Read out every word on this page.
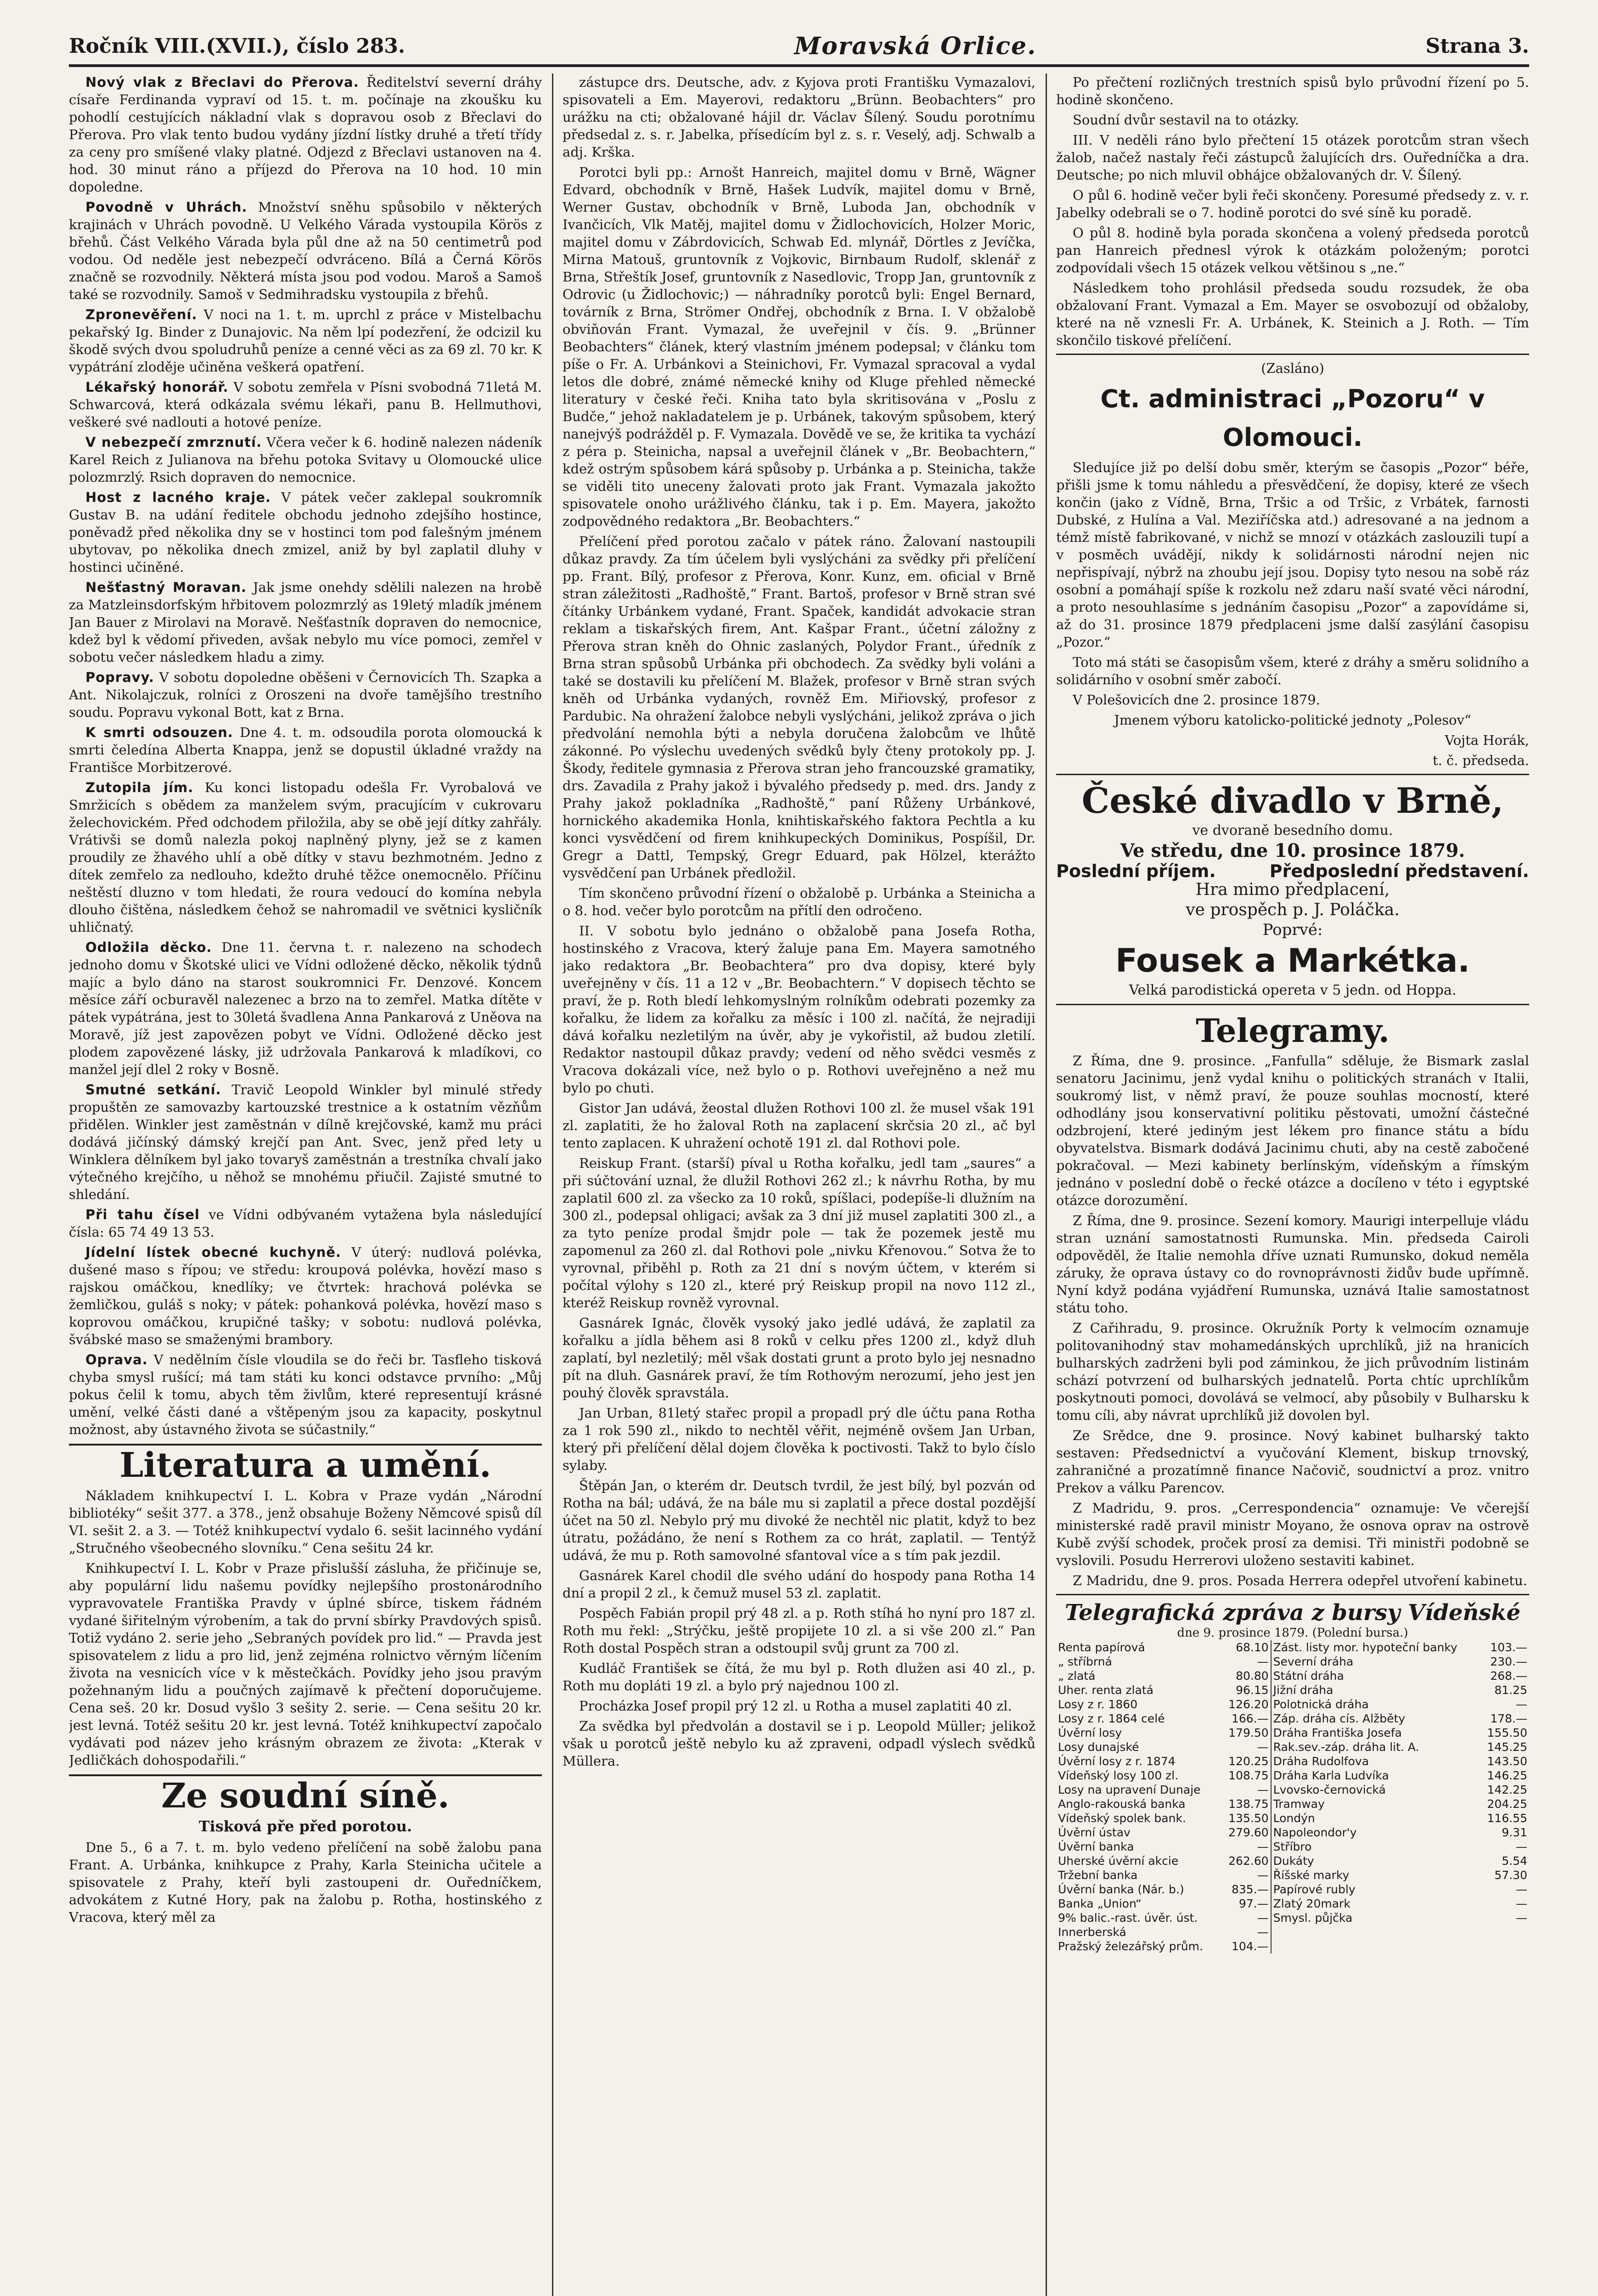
Ročník VIII.(XVII.), číslo 283.	Moravská Orlice.	Strana 3.

Nový vlak z Břeclavi do Přerova. Ředitelství severní dráhy císaře Ferdinanda vypraví od 15. t. m. počínaje na zkoušku ku pohodlí cestujících nákladní vlak s dopravou osob z Břeclavi do Přerova. Pro vlak tento budou vydány jízdní lístky druhé a třetí třídy za ceny pro smíšené vlaky platné. Odjezd z Břeclavi ustanoven na 4. hod. 30 minut ráno a příjezd do Přerova na 10 hod. 10 min dopoledne.

Povodně v Uhrách. Množství sněhu spůsobilo v některých krajinách v Uhrách povodně. U Velkého Várada vystoupila Körös z břehů. Část Velkého Várada byla půl dne až na 50 centimetrů pod vodou. Od neděle jest nebezpečí odvráceno. Bílá a Černá Körös značně se rozvodnily. Některá místa jsou pod vodou. Maroš a Samoš také se rozvodnily. Samoš v Sedmihradsku vystoupila z břehů.

Zpronevěření. V noci na 1. t. m. uprchl z práce v Mistelbachu pekařský Ig. Binder z Dunajovic. Na něm lpí podezření, že odcizil ku škodě svých dvou spoludruhů peníze a cenné věci as za 69 zl. 70 kr. K vypátrání zloděje učiněna veškerá opatření.

Lékařský honorář. V sobotu zemřela v Písni svobodná 71letá M. Schwarcová, která odkázala svému lékaři, panu B. Hellmuthovi, veškeré své nadlouti a hotové peníze.

V nebezpečí zmrznutí. Včera večer k 6. hodině nalezen nádeník Karel Reich z Julianova na břehu potoka Svitavy u Olomoucké ulice polozmrzlý. Rsich dopraven do nemocnice.

Host z lacného kraje. V pátek večer zaklepal soukromník Gustav B. na udání ředitele obchodu jednoho zdejšího hostince, poněvadž před několika dny se v hostinci tom pod falešným jménem ubytovav, po několika dnech zmizel, aniž by byl zaplatil dluhy v hostinci učiněné.

Nešťastný Moravan. Jak jsme onehdy sdělili nalezen na hrobě za Matzleinsdorfským hřbitovem polozmrzlý as 19letý mladík jménem Jan Bauer z Mirolavi na Moravě. Nešťastník dopraven do nemocnice, kdež byl k vědomí přiveden, avšak nebylo mu více pomoci, zemřel v sobotu večer následkem hladu a zimy.

Popravy. V sobotu dopoledne oběšeni v Černovicích Th. Szapka a Ant. Nikolajczuk, rolníci z Oroszeni na dvoře tamějšího trestního soudu. Popravu vykonal Bott, kat z Brna.

K smrti odsouzen. Dne 4. t. m. odsoudila porota olomoucká k smrti čeledína Alberta Knappa, jenž se dopustil úkladné vraždy na Františce Morbitzerové.

Zutopila jím. Ku konci listopadu odešla Fr. Vyrobalová ve Smržicích s obědem za manželem svým, pracujícím v cukrovaru želechovickém. Před odchodem přiložila, aby se obě její dítky zahřály. Vrátivši se domů nalezla pokoj naplněný plyny, jež se z kamen proudily ze žhavého uhlí a obě dítky v stavu bezhmotném. Jedno z dítek zemřelo za nedlouho, kdežto druhé těžce onemocnělo. Příčinu neštěstí dluzno v tom hledati, že roura vedoucí do komína nebyla dlouho čištěna, následkem čehož se nahromadil ve světnici kysličník uhličnatý.

Odložila děcko. Dne 11. června t. r. nalezeno na schodech jednoho domu v Škotské ulici ve Vídni odložené děcko, několik týdnů majíc a bylo dáno na starost soukromnici Fr. Denzové. Koncem měsíce září ocburavěl nalezenec a brzo na to zemřel. Matka dítěte v pátek vypátrána, jest to 30letá švadlena Anna Pankarová z Uněova na Moravě, jíž jest zapovězen pobyt ve Vídni. Odložené děcko jest plodem zapovězené lásky, již udržovala Pankarová k mladíkovi, co manžel její dlel 2 roky v Bosně.

Smutné setkání. Travič Leopold Winkler byl minulé středy propuštěn ze samovazby kartouzské trestnice a k ostatním vězňům přidělen. Winkler jest zaměstnán v dílně krejčovské, kamž mu práci dodává jičínský dámský krejčí pan Ant. Svec, jenž před lety u Winklera dělníkem byl jako tovaryš zaměstnán a trestníka chvalí jako výtečného krejčího, u něhož se mnohému přiučil. Zajisté smutné to shledání.

Při tahu čísel ve Vídni odbývaném vytažena byla následující čísla: 65 74 49 13 53.

Jídelní lístek obecné kuchyně. V úterý: nudlová polévka, dušené maso s řípou; ve středu: kroupová polévka, hovězí maso s rajskou omáčkou, knedlíky; ve čtvrtek: hrachová polévka se žemličkou, guláš s noky; v pátek: pohanková polévka, hovězí maso s koprovou omáčkou, krupičné tašky; v sobotu: nudlová polévka, švábské maso se smaženými brambory.

Oprava. V nedělním čísle vloudila se do řeči br. Tasfleho tisková chyba smysl rušící; má tam státi ku konci odstavce prvního: „Můj pokus čelil k tomu, abych těm živlům, které representují krásné umění, velké části dané a vštěpeným jsou za kapacity, poskytnul možnost, aby ústavného života se súčastnily.“

Literatura a umění.

Nákladem knihkupectví I. L. Kobra v Praze vydán „Národní bibliotéky“ sešit 377. a 378., jenž obsahuje Boženy Němcové spisů díl VI. sešit 2. a 3. — Totéž knihkupectví vydalo 6. sešit lacinného vydání „Stručného všeobecného slovníku.“ Cena sešitu 24 kr.

Knihkupectví I. L. Kobr v Praze přislušší zásluha, že přičinuje se, aby populární lidu našemu povídky nejlepšího prostonárodního vypravovatele Františka Pravdy v úplné sbírce, tiskem řádném vydané šiřitelným výrobením, a tak do první sbírky Pravdových spisů. Totiž vydáno 2. serie jeho „Sebraných povídek pro lid.“ — Pravda jest spisovatelem z lidu a pro lid, jenž zejména rolnictvo věrným líčením života na vesnicích více v k městečkách. Povídky jeho jsou pravým požehnaným lidu a poučných zajímavě k přečtení doporučujeme. Cena seš. 20 kr. Dosud vyšlo 3 sešity 2. serie. — Cena sešitu 20 kr. jest levná. Totéž sešitu 20 kr. jest levná. Totéž knihkupectví započalo vydávati pod název jeho krásným obrazem ze života: „Kterak v Jedličkách dohospodařili.“

Ze soudní síně.
Tisková pře před porotou.

Dne 5., 6 a 7. t. m. bylo vedeno přelíčení na sobě žalobu pana Frant. A. Urbánka, knihkupce z Prahy, Karla Steinicha učitele a spisovatele z Prahy, kteří byli zastoupeni dr. Ouředníčkem, advokátem z Kutné Hory, pak na žalobu p. Rotha, hostinského z Vracova, který měl za

zástupce drs. Deutsche, adv. z Kyjova proti Františku Vymazalovi, spisovateli a Em. Mayerovi, redaktoru „Brünn. Beobachters“ pro urážku na cti; obžalované hájil dr. Václav Šílený. Soudu porotnímu předsedal z. s. r. Jabelka, přísedícím byl z. s. r. Veselý, adj. Schwalb a adj. Krška.

Porotci byli pp.: Arnošt Hanreich, majitel domu v Brně, Wägner Edvard, obchodník v Brně, Hašek Ludvík, majitel domu v Brně, Werner Gustav, obchodník v Brně, Luboda Jan, obchodník v Ivančicích, Vlk Matěj, majitel domu v Židlochovicích, Holzer Moric, majitel domu v Zábrdovicích, Schwab Ed. mlynář, Dörtles z Jevíčka, Mirna Matouš, gruntovník z Vojkovic, Birnbaum Rudolf, sklenář z Brna, Střeštík Josef, gruntovník z Nasedlovic, Tropp Jan, gruntovník z Odrovic (u Židlochovic;) — náhradníky porotců byli: Engel Bernard, továrník z Brna, Strömer Ondřej, obchodník z Brna. I. V obžalobě obviňován Frant. Vymazal, že uveřejnil v čís. 9. „Brünner Beobachters“ článek, který vlastním jménem podepsal; v článku tom píše o Fr. A. Urbánkovi a Steinichovi, Fr. Vymazal spracoval a vydal letos dle dobré, známé německé knihy od Kluge přehled německé literatury v české řeči. Kniha tato byla skritisována v „Poslu z Budče,“ jehož nakladatelem je p. Urbánek, takovým spůsobem, který nanejvýš podrážděl p. F. Vymazala. Dovědě ve se, že kritika ta vychází z péra p. Steinicha, napsal a uveřejnil článek v „Br. Beobachtern,“ kdež ostrým spůsobem kárá spůsoby p. Urbánka a p. Steinicha, takže se viděli tito uneceny žalovati proto jak Frant. Vymazala jakožto spisovatele onoho urážlivého článku, tak i p. Em. Mayera, jakožto zodpovědného redaktora „Br. Beobachters.“

Přelíčení před porotou začalo v pátek ráno. Žalovaní nastoupili důkaz pravdy. Za tím účelem byli vyslýcháni za svědky při přelíčení pp. Frant. Bílý, profesor z Přerova, Konr. Kunz, em. oficial v Brně stran záležitosti „Radhoště,“ Frant. Bartoš, profesor v Brně stran své čítánky Urbánkem vydané, Frant. Spaček, kandidát advokacie stran reklam a tiskařských firem, Ant. Kašpar Frant., účetní záložny z Přerova stran kněh do Ohnic zaslaných, Polydor Frant., úředník z Brna stran spůsobů Urbánka při obchodech. Za svědky byli voláni a také se dostavili ku přelíčení M. Blažek, profesor v Brně stran svých kněh od Urbánka vydaných, rovněž Em. Miřiovský, profesor z Pardubic. Na ohražení žalobce nebyli vyslýcháni, jelikož zpráva o jich předvolání nemohla býti a nebyla doručena žalobcům ve lhůtě zákonné. Po výslechu uvedených svědků byly čteny protokoly pp. J. Škody, ředitele gymnasia z Přerova stran jeho francouzské gramatiky, drs. Zavadila z Prahy jakož i bývalého předsedy p. med. drs. Jandy z Prahy jakož pokladníka „Radhoště,“ paní Růženy Urbánkové, hornického akademika Honla, knihtiskařského faktora Pechtla a ku konci vysvědčení od firem knihkupeckých Dominikus, Pospíšil, Dr. Gregr a Dattl, Tempský, Gregr Eduard, pak Hölzel, kterážto vysvědčení pan Urbánek předložil.

Tím skončeno průvodní řízení o obžalobě p. Urbánka a Steinicha a o 8. hod. večer bylo porotcům na přítlí den odročeno.

II. V sobotu bylo jednáno o obžalobě pana Josefa Rotha, hostinského z Vracova, který žaluje pana Em. Mayera samotného jako redaktora „Br. Beobachtera“ pro dva dopisy, které byly uveřejněny v čís. 11 a 12 v „Br. Beobachtern.“ V dopisech těchto se praví, že p. Roth bledí lehkomyslným rolníkům odebrati pozemky za kořalku, že lidem za kořalku za měsíc i 100 zl. načítá, že nejradiji dává kořalku nezletilým na úvěr, aby je vykořistil, až budou zletilí. Redaktor nastoupil důkaz pravdy; vedení od něho svědci vesměs z Vracova dokázali více, než bylo o p. Rothovi uveřejněno a než mu bylo po chuti.

Gistor Jan udává, žeostal dlužen Rothovi 100 zl. že musel však 191 zl. zaplatiti, že ho žaloval Roth na zaplacení skrčsia 20 zl., ač byl tento zaplacen. K uhražení ochotě 191 zl. dal Rothovi pole.

Reiskup Frant. (starší) píval u Rotha kořalku, jedl tam „saures“ a při súčtování uznal, že dlužil Rothovi 262 zl.; k návrhu Rotha, by mu zaplatil 600 zl. za všecko za 10 roků, spíšlaci, podepíše-li dlužním na 300 zl., podepsal ohligaci; avšak za 3 dní již musel zaplatiti 300 zl., a za tyto peníze prodal šmjdr pole — tak že pozemek jestě mu zapomenul za 260 zl. dal Rothovi pole „nivku Křenovou.“ Sotva že to vyrovnal, přiběhl p. Roth za 21 dní s novým účtem, v kterém si počítal výlohy s 120 zl., které prý Reiskup propil na novo 112 zl., kteréž Reiskup rovněž vyrovnal.

Gasnárek Ignác, člověk vysoký jako jedlé udává, že zaplatil za kořalku a jídla během asi 8 roků v celku přes 1200 zl., když dluh zaplatí, byl nezletilý; měl však dostati grunt a proto bylo jej nesnadno pít na dluh. Gasnárek praví, že tím Rothovým nerozumí, jeho jest jen pouhý člověk spravstála.

Jan Urban, 81letý stařec propil a propadl prý dle účtu pana Rotha za 1 rok 590 zl., nikdo to nechtěl věřit, nejméně ovšem Jan Urban, který při přelíčení dělal dojem člověka k poctivosti. Takž to bylo číslo sylaby.

Štěpán Jan, o kterém dr. Deutsch tvrdil, že jest bílý, byl pozván od Rotha na bál; udává, že na bále mu si zaplatil a přece dostal pozdější účet na 50 zl. Nebylo prý mu divoké že nechtěl nic platit, když to bez útratu, požádáno, že není s Rothem za co hrát, zaplatil. — Tentýž udává, že mu p. Roth samovolné sfantoval více a s tím pak jezdil.

Gasnárek Karel chodil dle svého udání do hospody pana Rotha 14 dní a propil 2 zl., k čemuž musel 53 zl. zaplatit.

Pospěch Fabián propil prý 48 zl. a p. Roth stíhá ho nyní pro 187 zl. Roth mu řekl: „Strýčku, ještě propijete 10 zl. a si vše 200 zl.“ Pan Roth dostal Pospěch stran a odstoupil svůj grunt za 700 zl.

Kudláč František se čítá, že mu byl p. Roth dlužen asi 40 zl., p. Roth mu dopláti 19 zl. a bylo prý najednou 100 zl.

Procházka Josef propil prý 12 zl. u Rotha a musel zaplatiti 40 zl.

Za svědka byl předvolán a dostavil se i p. Leopold Müller; jelikož však u porotců ještě nebylo ku až zpraveni, odpadl výslech svědků Müllera.

Po přečtení rozličných trestních spisů bylo průvodní řízení po 5. hodině skončeno.

Soudní dvůr sestavil na to otázky.

III. V neděli ráno bylo přečtení 15 otázek porotcům stran všech žalob, načež nastaly řeči zástupců žalujících drs. Ouředníčka a dra. Deutsche; po nich mluvil obhájce obžalovaných dr. V. Šílený.

O půl 6. hodině večer byli řeči skončeny. Poresumé předsedy z. v. r. Jabelky odebrali se o 7. hodině porotci do své síně ku poradě.

O půl 8. hodině byla porada skončena a volený předseda porotců pan Hanreich přednesl výrok k otázkám položeným; porotci zodpovídali všech 15 otázek velkou většinou s „ne.“

Následkem toho prohlásil předseda soudu rozsudek, že oba obžalovaní Frant. Vymazal a Em. Mayer se osvobozují od obžaloby, které na ně vznesli Fr. A. Urbánek, K. Steinich a J. Roth. — Tím skončilo tiskové přelíčení.

(Zasláno)

Ct. administraci „Pozoru“ v Olomouci.

Sledujíce již po delší dobu směr, kterým se časopis „Pozor“ béře, přišli jsme k tomu náhledu a přesvědčení, že dopisy, které ze všech končin (jako z Vídně, Brna, Tršic a od Tršic, z Vrbátek, farnosti Dubské, z Hulína a Val. Meziříčska atd.) adresované a na jednom a témž místě fabrikované, v nichž se mnozí v otázkách zaslouzili tupí a v posměch uvádějí, nikdy k solidárnosti národní nejen nic nepřispívají, nýbrž na zhoubu její jsou. Dopisy tyto nesou na sobě ráz osobní a pomáhají spíše k rozkolu než zdaru naší svaté věci národní, a proto nesouhlasíme s jednáním časopisu „Pozor“ a zapovídáme si, až do 31. prosince 1879 předplaceni jsme další zasýlání časopisu „Pozor.“

Toto má státi se časopisům všem, které z dráhy a směru solidního a solidárního v osobní směr zabočí.

V Polešovicích dne 2. prosince 1879.

Jmenem výboru katolicko-politické jednoty „Polesov“

Vojta Horák,

t. č. předseda.

České divadlo v Brně,
ve dvoraně besedního domu.
Ve středu, dne 10. prosince 1879.
Poslední příjem.	Předposlední představení.
Hra mimo předplacení,
ve prospěch p. J. Poláčka.
Poprvé:
Fousek a Markétka.
Velká parodistická opereta v 5 jedn. od Hoppa.
Telegramy.

Z Říma, dne 9. prosince. „Fanfulla“ sděluje, že Bismark zaslal senatoru Jacinimu, jenž vydal knihu o politických stranách v Italii, soukromý list, v němž praví, že pouze souhlas mocností, které odhodlány jsou konservativní politiku pěstovati, umožní částečné odzbrojení, které jediným jest lékem pro finance státu a bídu obyvatelstva. Bismark dodává Jacinimu chuti, aby na cestě zabočené pokračoval. — Mezi kabinety berlínským, vídeňským a římským jednáno v poslední době o řecké otázce a docíleno v této i egyptské otázce dorozumění.

Z Říma, dne 9. prosince. Sezení komory. Maurigi interpelluje vládu stran uznání samostatnosti Rumunska. Min. předseda Cairoli odpověděl, že Italie nemohla dříve uznati Rumunsko, dokud neměla záruky, že oprava ústavy co do rovnoprávnosti židův bude upřímně. Nyní když podána vyjádření Rumunska, uznává Italie samostatnost státu toho.

Z Cařihradu, 9. prosince. Okružník Porty k velmocím oznamuje politovanihodný stav mohamedánských uprchlíků, již na hranicích bulharských zadrženi byli pod záminkou, že jich průvodním listinám schází potvrzení od bulharských jednatelů. Porta chtíc uprchlíkům poskytnouti pomoci, dovolává se velmocí, aby působily v Bulharsku k tomu cíli, aby návrat uprchlíků již dovolen byl.

Ze Srědce, dne 9. prosince. Nový kabinet bulharský takto sestaven: Předsednictví a vyučování Klement, biskup trnovský, zahraničné a prozatímně finance Načovič, soudnictví a proz. vnitro Prekov a válku Parencov.

Z Madridu, 9. pros. „Cerrespondencia“ oznamuje: Ve včerejší ministerské radě pravil ministr Moyano, že osnova oprav na ostrově Kubě zvýší schodek, proček prosí za demisi. Tři ministři podobně se vyslovili. Posudu Herrerovi uloženo sestaviti kabinet.

Z Madridu, dne 9. pros. Posada Herrera odepřel utvoření kabinetu.

Telegrafická zpráva z bursy Vídeňské
dne 9. prosince 1879. (Polední bursa.)
Renta papírová	68.10	Zást. listy mor. hypoteční banky	103.—
„ stříbrná	—	Severní dráha	230.—
„ zlatá	80.80	Státní dráha	268.—
Uher. renta zlatá	96.15	Jižní dráha	81.25
Losy z r. 1860	126.20	Polotnická dráha	—
Losy z r. 1864 celé	166.—	Záp. dráha cís. Alžběty	178.—
Úvěrní losy	179.50	Dráha Františka Josefa	155.50
Losy dunajské	—	Rak.sev.-záp. dráha lit. A.	145.25
Úvěrní losy z r. 1874	120.25	Dráha Rudolfova	143.50
Vídeňský losy 100 zl.	108.75	Dráha Karla Ludvíka	146.25
Losy na upravení Dunaje	—	Lvovsko-černovická	142.25
Anglo-rakouská banka	138.75	Tramway	204.25
Vídeňský spolek bank.	135.50	Londýn	116.55
Úvěrní ústav	279.60	Napoleondor'y	9.31
Úvěrní banka	—	Stříbro	—
Uherské úvěrní akcie	262.60	Dukáty	5.54
Tržební banka	—	Říšské marky	57.30
Úvěrní banka (Nár. b.)	835.—	Papírové rubly	—
Banka „Union“	97.—	Zlatý 20mark	—
9% balic.-rast. úvěr. úst.	—	Smysl. půjčka	—
Innerberská	—		
Pražský železářský prům.	104.—		
